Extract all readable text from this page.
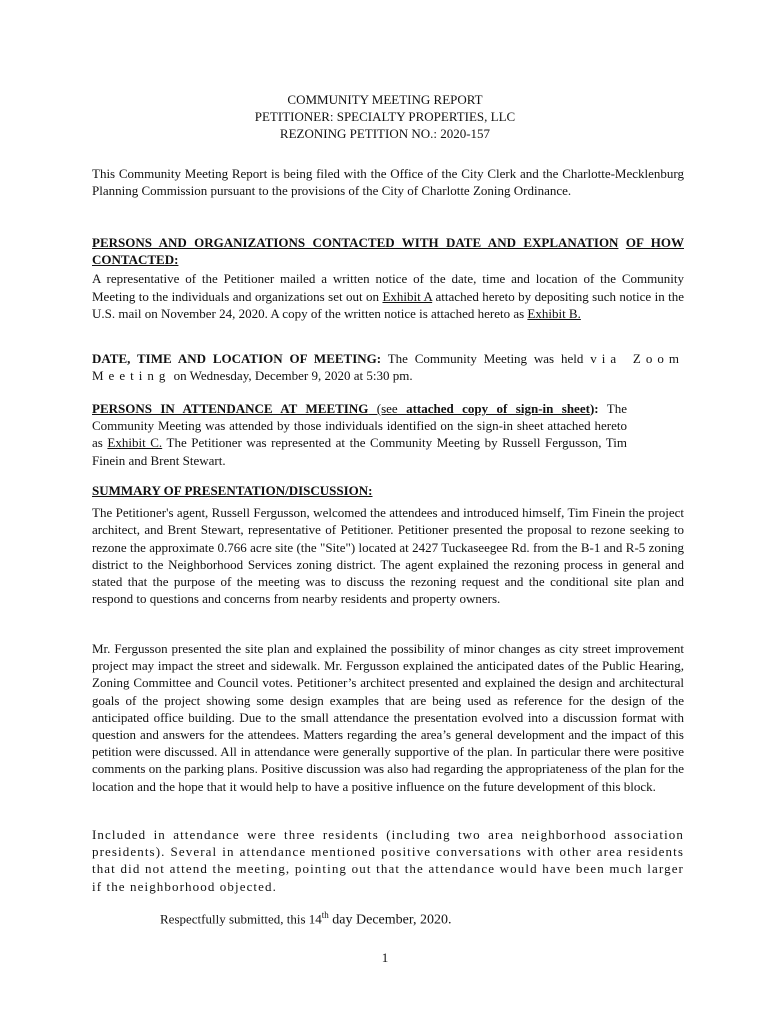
COMMUNITY MEETING REPORT
PETITIONER: SPECIALTY PROPERTIES, LLC
REZONING PETITION NO.: 2020-157
This Community Meeting Report is being filed with the Office of the City Clerk and the Charlotte-Mecklenburg Planning Commission pursuant to the provisions of the City of Charlotte Zoning Ordinance.
PERSONS AND ORGANIZATIONS CONTACTED WITH DATE AND EXPLANATION OF HOW CONTACTED:
A representative of the Petitioner mailed a written notice of the date, time and location of the Community Meeting to the individuals and organizations set out on Exhibit A attached hereto by depositing such notice in the U.S. mail on November 24, 2020. A copy of the written notice is attached hereto as Exhibit B.
DATE, TIME AND LOCATION OF MEETING: The Community Meeting was held via Zoom Meeting on Wednesday, December 9, 2020 at 5:30 pm.
PERSONS IN ATTENDANCE AT MEETING (see attached copy of sign-in sheet): The Community Meeting was attended by those individuals identified on the sign-in sheet attached hereto as Exhibit C. The Petitioner was represented at the Community Meeting by Russell Fergusson, Tim Finein and Brent Stewart.
SUMMARY OF PRESENTATION/DISCUSSION:
The Petitioner's agent, Russell Fergusson, welcomed the attendees and introduced himself, Tim Finein the project architect, and Brent Stewart, representative of Petitioner. Petitioner presented the proposal to rezone seeking to rezone the approximate 0.766 acre site (the "Site") located at 2427 Tuckaseegee Rd. from the B-1 and R-5 zoning district to the Neighborhood Services zoning district. The agent explained the rezoning process in general and stated that the purpose of the meeting was to discuss the rezoning request and the conditional site plan and respond to questions and concerns from nearby residents and property owners.
Mr. Fergusson presented the site plan and explained the possibility of minor changes as city street improvement project may impact the street and sidewalk. Mr. Fergusson explained the anticipated dates of the Public Hearing, Zoning Committee and Council votes. Petitioner’s architect presented and explained the design and architectural goals of the project showing some design examples that are being used as reference for the design of the anticipated office building. Due to the small attendance the presentation evolved into a discussion format with question and answers for the attendees. Matters regarding the area’s general development and the impact of this petition were discussed. All in attendance were generally supportive of the plan. In particular there were positive comments on the parking plans. Positive discussion was also had regarding the appropriateness of the plan for the location and the hope that it would help to have a positive influence on the future development of this block.
Included in attendance were three residents (including two area neighborhood association presidents). Several in attendance mentioned positive conversations with other area residents that did not attend the meeting, pointing out that the attendance would have been much larger if the neighborhood objected.
Respectfully submitted, this 14th day December, 2020.
1
